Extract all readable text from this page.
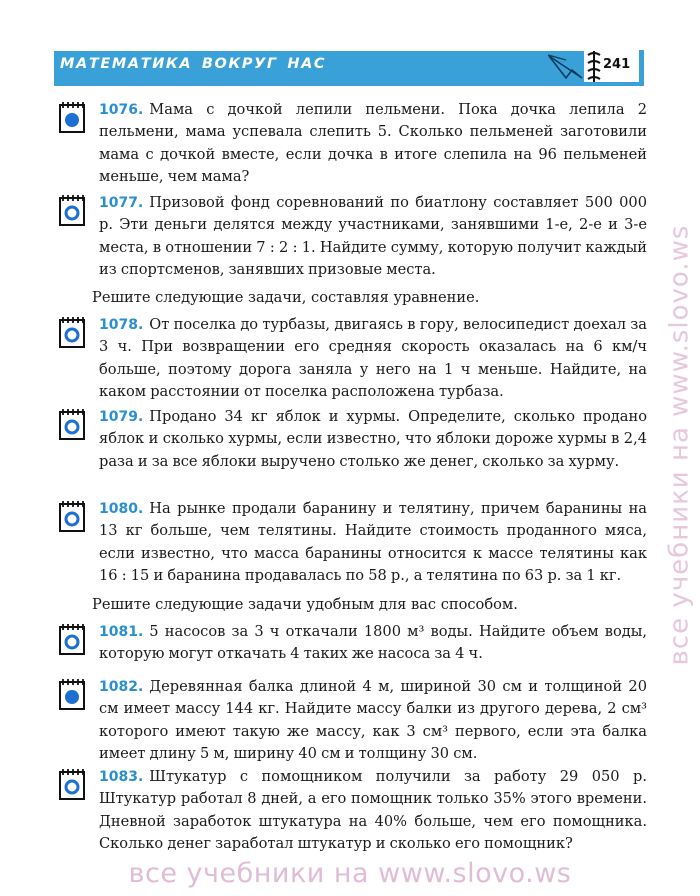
МАТЕМАТИКА ВОКРУГ НАС	241
1076. Мама с дочкой лепили пельмени. Пока дочка лепила 2 пельмени, мама успевала слепить 5. Сколько пельменей заготовили мама с дочкой вместе, если дочка в итоге слепила на 96 пельменей меньше, чем мама?
1077. Призовой фонд соревнований по биатлону составляет 500 000 р. Эти деньги делятся между участниками, занявшими 1-е, 2-е и 3-е места, в отношении 7 : 2 : 1. Найдите сумму, которую получит каждый из спортсменов, занявших призовые места.
Решите следующие задачи, составляя уравнение.
1078. От поселка до турбазы, двигаясь в гору, велосипедист доехал за 3 ч. При возвращении его средняя скорость оказалась на 6 км/ч больше, поэтому дорога заняла у него на 1 ч меньше. Найдите, на каком расстоянии от поселка расположена турбаза.
1079. Продано 34 кг яблок и хурмы. Определите, сколько продано яблок и сколько хурмы, если известно, что яблоки дороже хурмы в 2,4 раза и за все яблоки выручено столько же денег, сколько за хурму.
1080. На рынке продали баранину и телятину, причем баранины на 13 кг больше, чем телятины. Найдите стоимость проданного мяса, если известно, что масса баранины относится к массе телятины как 16 : 15 и баранина продавалась по 58 р., а телятина по 63 р. за 1 кг.
Решите следующие задачи удобным для вас способом.
1081. 5 насосов за 3 ч откачали 1800 м³ воды. Найдите объем воды, которую могут откачать 4 таких же насоса за 4 ч.
1082. Деревянная балка длиной 4 м, шириной 30 см и толщиной 20 см имеет массу 144 кг. Найдите массу балки из другого дерева, 2 см³ которого имеют такую же массу, как 3 см³ первого, если эта балка имеет длину 5 м, ширину 40 см и толщину 30 см.
1083. Штукатур с помощником получили за работу 29 050 р. Штукатур работал 8 дней, а его помощник только 35% этого времени. Дневной заработок штукатура на 40% больше, чем его помощника. Сколько денег заработал штукатур и сколько его помощник?
все учебники на www.slovo.ws
все учебники на www.slovo.ws
